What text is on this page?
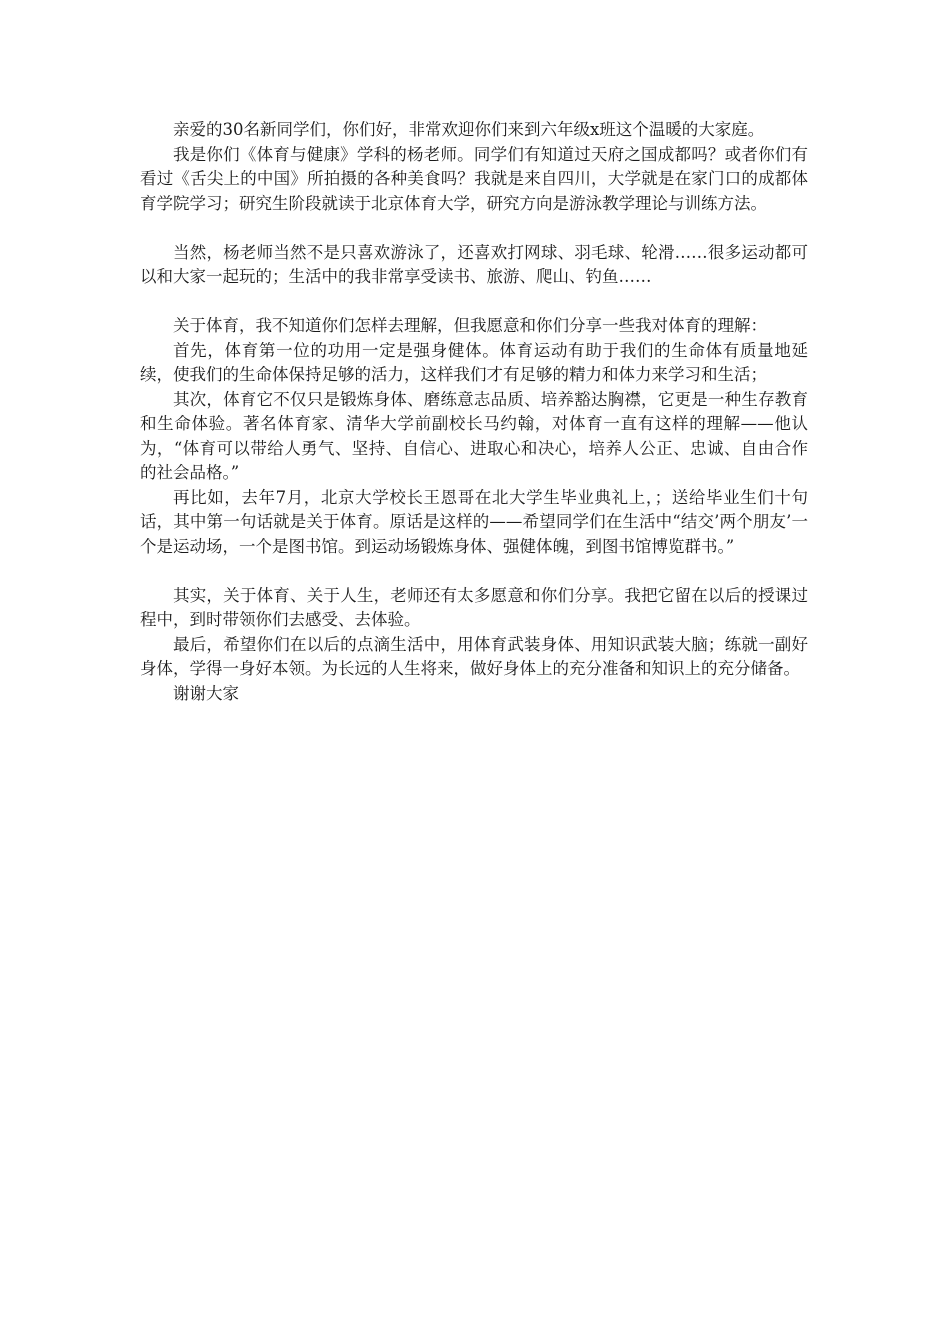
亲爱的30名新同学们，你们好，非常欢迎你们来到六年级x班这个温暖的大家庭。

我是你们《体育与健康》学科的杨老师。同学们有知道过天府之国成都吗？或者你们有看过《舌尖上的中国》所拍摄的各种美食吗？我就是来自四川，大学就是在家门口的成都体育学院学习；研究生阶段就读于北京体育大学，研究方向是游泳教学理论与训练方法。

当然，杨老师当然不是只喜欢游泳了，还喜欢打网球、羽毛球、轮滑……很多运动都可以和大家一起玩的；生活中的我非常享受读书、旅游、爬山、钓鱼……

关于体育，我不知道你们怎样去理解，但我愿意和你们分享一些我对体育的理解：

首先，体育第一位的功用一定是强身健体。体育运动有助于我们的生命体有质量地延续，使我们的生命体保持足够的活力，这样我们才有足够的精力和体力来学习和生活；

其次，体育它不仅只是锻炼身体、磨练意志品质、培养豁达胸襟，它更是一种生存教育和生命体验。著名体育家、清华大学前副校长马约翰，对体育一直有这样的理解——他认为，“体育可以带给人勇气、坚持、自信心、进取心和决心，培养人公正、忠诚、自由合作的社会品格。”

再比如，去年7月，北京大学校长王恩哥在北大学生毕业典礼上，；送给毕业生们十句话，其中第一句话就是关于体育。原话是这样的——希望同学们在生活中“结交’两个朋友’一个是运动场，一个是图书馆。到运动场锻炼身体、强健体魄，到图书馆博览群书。”

其实，关于体育、关于人生，老师还有太多愿意和你们分享。我把它留在以后的授课过程中，到时带领你们去感受、去体验。

最后，希望你们在以后的点滴生活中，用体育武装身体、用知识武装大脑；练就一副好身体，学得一身好本领。为长远的人生将来，做好身体上的充分准备和知识上的充分储备。

谢谢大家
